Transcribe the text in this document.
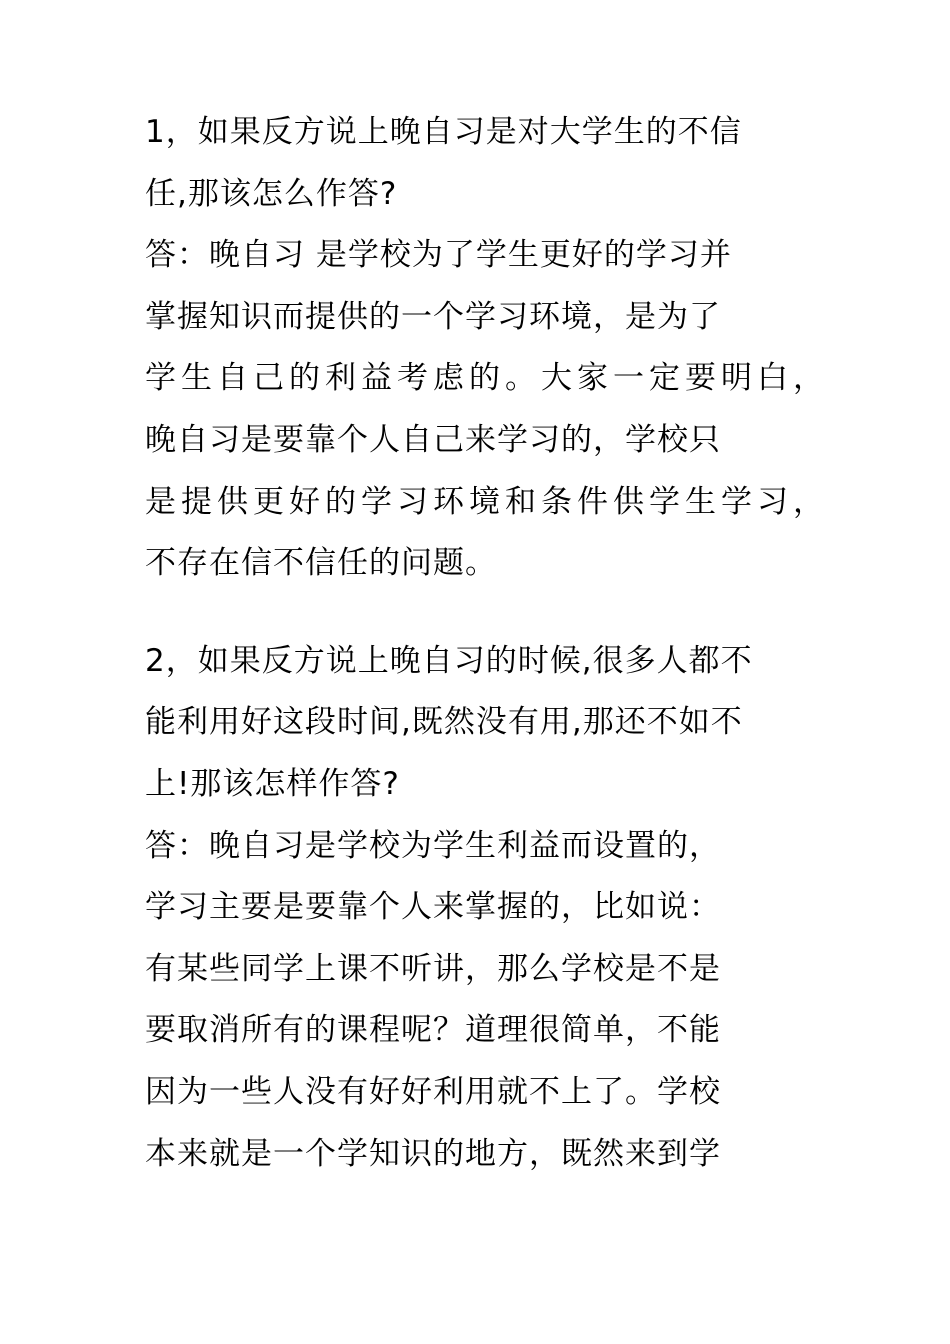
1，如果反方说上晚自习是对大学生的不信
任,那该怎么作答?
答：晚自习 是学校为了学生更好的学习并
掌握知识而提供的一个学习环境，是为了
学生自己的利益考虑的。大家一定要明白，
晚自习是要靠个人自己来学习的，学校只
是提供更好的学习环境和条件供学生学习，
不存在信不信任的问题。
2，如果反方说上晚自习的时候,很多人都不
能利用好这段时间,既然没有用,那还不如不
上!那该怎样作答?
答：晚自习是学校为学生利益而设置的，
学习主要是要靠个人来掌握的，比如说：
有某些同学上课不听讲，那么学校是不是
要取消所有的课程呢？道理很简单，不能
因为一些人没有好好利用就不上了。学校
本来就是一个学知识的地方，既然来到学
